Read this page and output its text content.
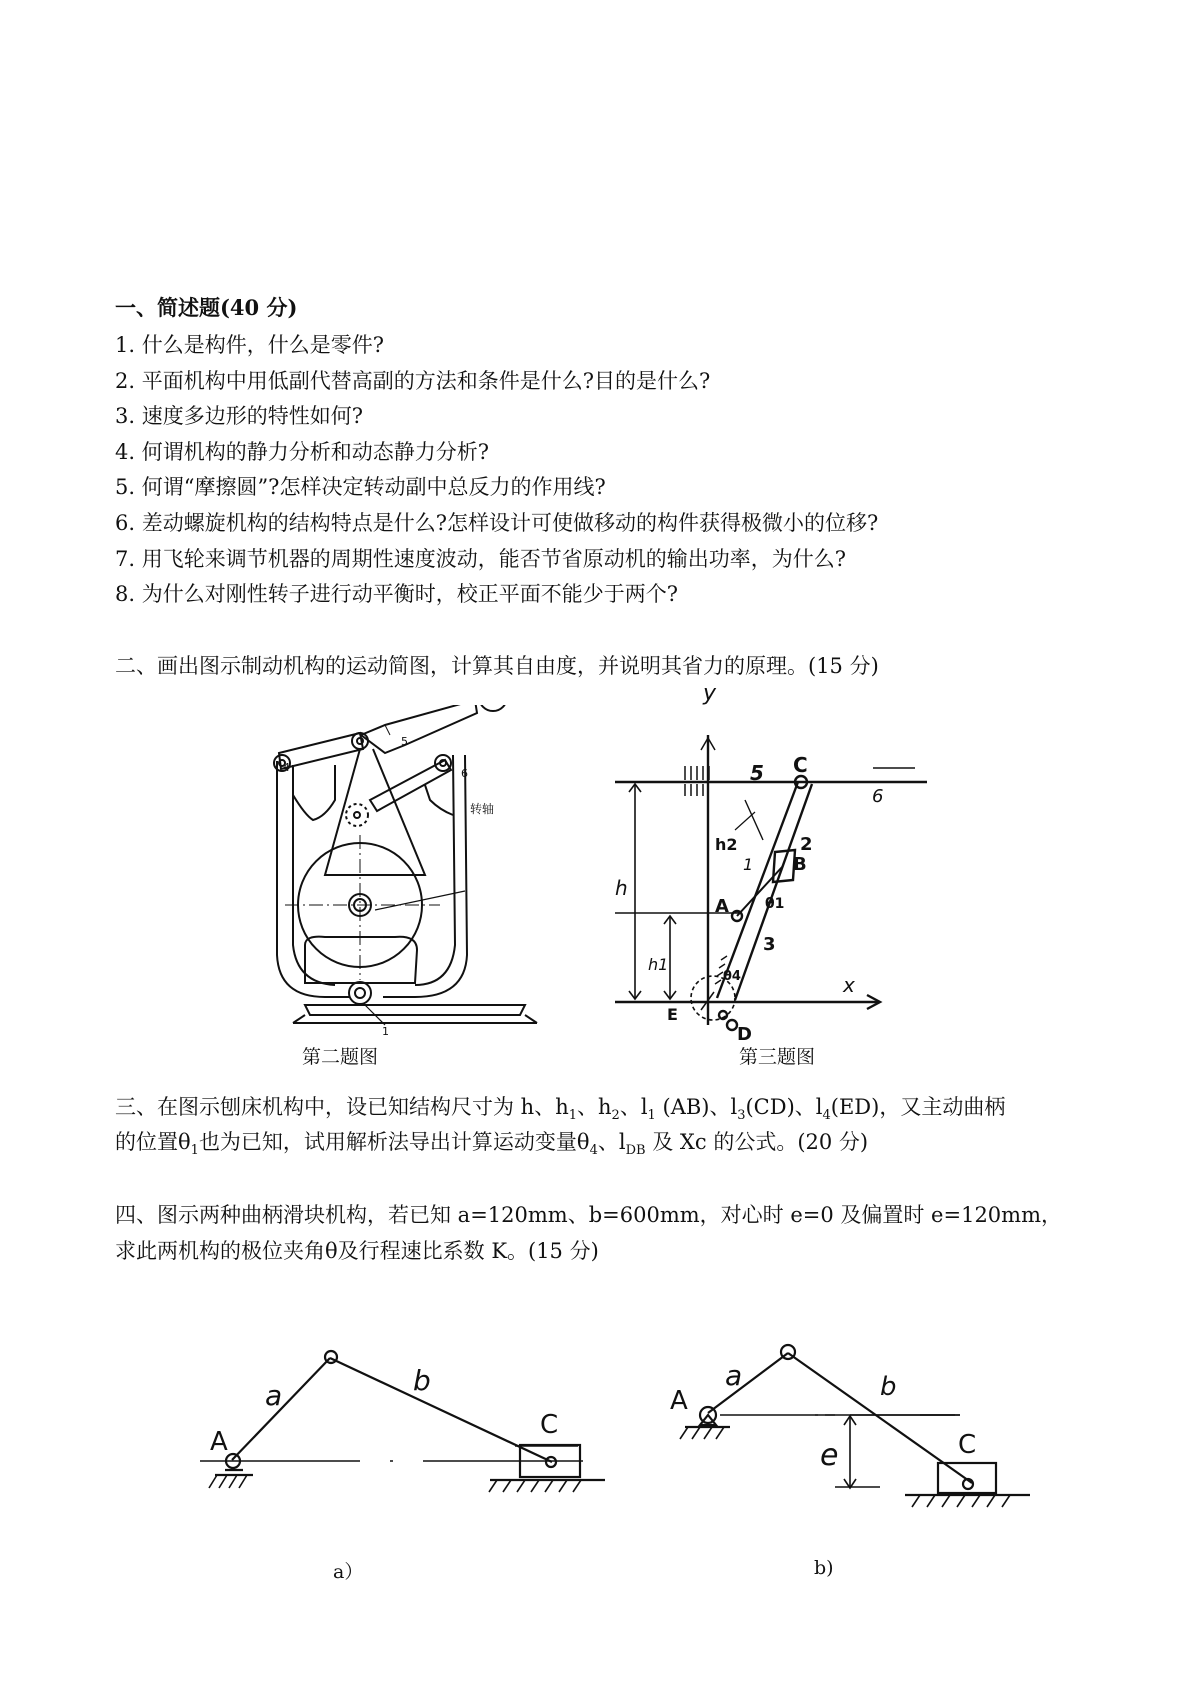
一、简述题(40 分)
1. 什么是构件，什么是零件?
2. 平面机构中用低副代替高副的方法和条件是什么?目的是什么?
3. 速度多边形的特性如何?
4. 何谓机构的静力分析和动态静力分析?
5. 何谓“摩擦圆”?怎样决定转动副中总反力的作用线?
6. 差动螺旋机构的结构特点是什么?怎样设计可使做移动的构件获得极微小的位移?
7. 用飞轮来调节机器的周期性速度波动，能否节省原动机的输出功率，为什么?
8. 为什么对刚性转子进行动平衡时，校正平面不能少于两个?
二、画出图示制动机构的运动简图，计算其自由度，并说明其省力的原理。(15 分)
4
5
6
转轴
1
第二题图
y
5 C
6
2
B
h2
1
A	θ1
h
h1
3
θ4	x
E
D
第三题图
三、在图示刨床机构中，设已知结构尺寸为 h、$h_1$、$h_2$、$l_1$ (AB)、$l_3(CD)$、$l_4(ED)$，又主动曲柄
的位置$\theta_1$也为已知，试用解析法导出计算运动变量$\theta_4$、$l_{DB}$ 及 Xc 的公式。(20 分)
四、图示两种曲柄滑块机构，若已知 a=120mm、b=600mm，对心时 e=0 及偏置时 e=120mm，
求此两机构的极位夹角θ及行程速比系数 K。(15 分)
A
a	b
C
a）
A
a	b
C
e
b)
